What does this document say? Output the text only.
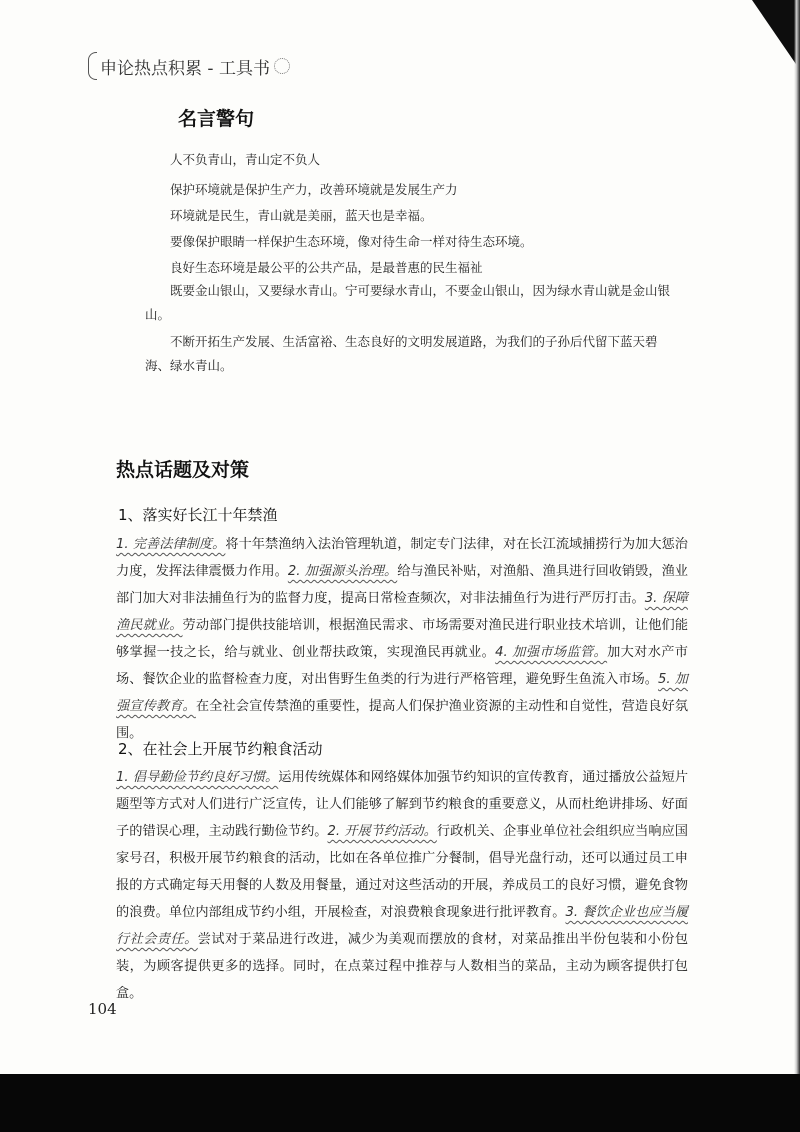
申论热点积累 - 工具书
名言警句
人不负青山，青山定不负人
保护环境就是保护生产力，改善环境就是发展生产力
环境就是民生，青山就是美丽，蓝天也是幸福。
要像保护眼睛一样保护生态环境，像对待生命一样对待生态环境。
良好生态环境是最公平的公共产品，是最普惠的民生福祉
既要金山银山，又要绿水青山。宁可要绿水青山，不要金山银山，因为绿水青山就是金山银山。
不断开拓生产发展、生活富裕、生态良好的文明发展道路，为我们的子孙后代留下蓝天碧海、绿水青山。
热点话题及对策
1、落实好长江十年禁渔
1. 完善法律制度。将十年禁渔纳入法治管理轨道，制定专门法律，对在长江流域捕捞行为加大惩治力度，发挥法律震慑力作用。2. 加强源头治理。给与渔民补贴，对渔船、渔具进行回收销毁，渔业部门加大对非法捕鱼行为的监督力度，提高日常检查频次，对非法捕鱼行为进行严厉打击。3. 保障渔民就业。劳动部门提供技能培训，根据渔民需求、市场需要对渔民进行职业技术培训，让他们能够掌握一技之长，给与就业、创业帮扶政策，实现渔民再就业。4. 加强市场监管。加大对水产市场、餐饮企业的监督检查力度，对出售野生鱼类的行为进行严格管理，避免野生鱼流入市场。5. 加强宣传教育。在全社会宣传禁渔的重要性，提高人们保护渔业资源的主动性和自觉性，营造良好氛围。
2、在社会上开展节约粮食活动
1. 倡导勤俭节约良好习惯。运用传统媒体和网络媒体加强节约知识的宣传教育，通过播放公益短片题型等方式对人们进行广泛宣传，让人们能够了解到节约粮食的重要意义，从而杜绝讲排场、好面子的错误心理，主动践行勤俭节约。2. 开展节约活动。行政机关、企事业单位社会组织应当响应国家号召，积极开展节约粮食的活动，比如在各单位推广分餐制，倡导光盘行动，还可以通过员工申报的方式确定每天用餐的人数及用餐量，通过对这些活动的开展，养成员工的良好习惯，避免食物的浪费。单位内部组成节约小组，开展检查，对浪费粮食现象进行批评教育。3. 餐饮企业也应当履行社会责任。尝试对于菜品进行改进，减少为美观而摆放的食材，对菜品推出半份包装和小份包装，为顾客提供更多的选择。同时，在点菜过程中推荐与人数相当的菜品，主动为顾客提供打包盒。
104
